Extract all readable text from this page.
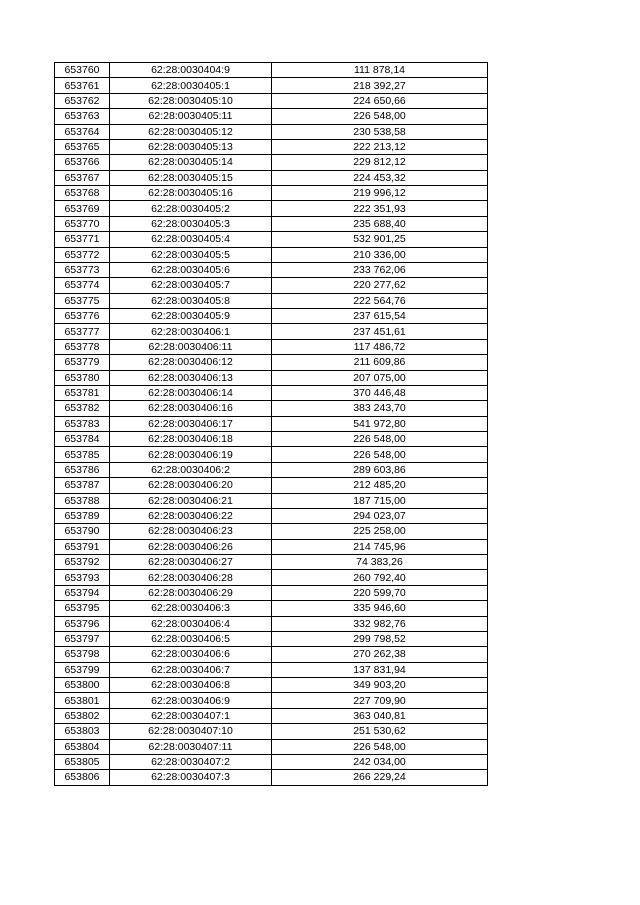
653760	62:28:0030404:9	111 878,14
653761	62:28:0030405:1	218 392,27
653762	62:28:0030405:10	224 650,66
653763	62:28:0030405:11	226 548,00
653764	62:28:0030405:12	230 538,58
653765	62:28:0030405:13	222 213,12
653766	62:28:0030405:14	229 812,12
653767	62:28:0030405:15	224 453,32
653768	62:28:0030405:16	219 996,12
653769	62:28:0030405:2	222 351,93
653770	62:28:0030405:3	235 688,40
653771	62:28:0030405:4	532 901,25
653772	62:28:0030405:5	210 336,00
653773	62:28:0030405:6	233 762,06
653774	62:28:0030405:7	220 277,62
653775	62:28:0030405:8	222 564,76
653776	62:28:0030405:9	237 615,54
653777	62:28:0030406:1	237 451,61
653778	62:28:0030406:11	117 486,72
653779	62:28:0030406:12	211 609,86
653780	62:28:0030406:13	207 075,00
653781	62:28:0030406:14	370 446,48
653782	62:28:0030406:16	383 243,70
653783	62:28:0030406:17	541 972,80
653784	62:28:0030406:18	226 548,00
653785	62:28:0030406:19	226 548,00
653786	62:28:0030406:2	289 603,86
653787	62:28:0030406:20	212 485,20
653788	62:28:0030406:21	187 715,00
653789	62:28:0030406:22	294 023,07
653790	62:28:0030406:23	225 258,00
653791	62:28:0030406:26	214 745,96
653792	62:28:0030406:27	74 383,26
653793	62:28:0030406:28	260 792,40
653794	62:28:0030406:29	220 599,70
653795	62:28:0030406:3	335 946,60
653796	62:28:0030406:4	332 982,76
653797	62:28:0030406:5	299 798,52
653798	62:28:0030406:6	270 262,38
653799	62:28:0030406:7	137 831,94
653800	62:28:0030406:8	349 903,20
653801	62:28:0030406:9	227 709,90
653802	62:28:0030407:1	363 040,81
653803	62:28:0030407:10	251 530,62
653804	62:28:0030407:11	226 548,00
653805	62:28:0030407:2	242 034,00
653806	62:28:0030407:3	266 229,24
